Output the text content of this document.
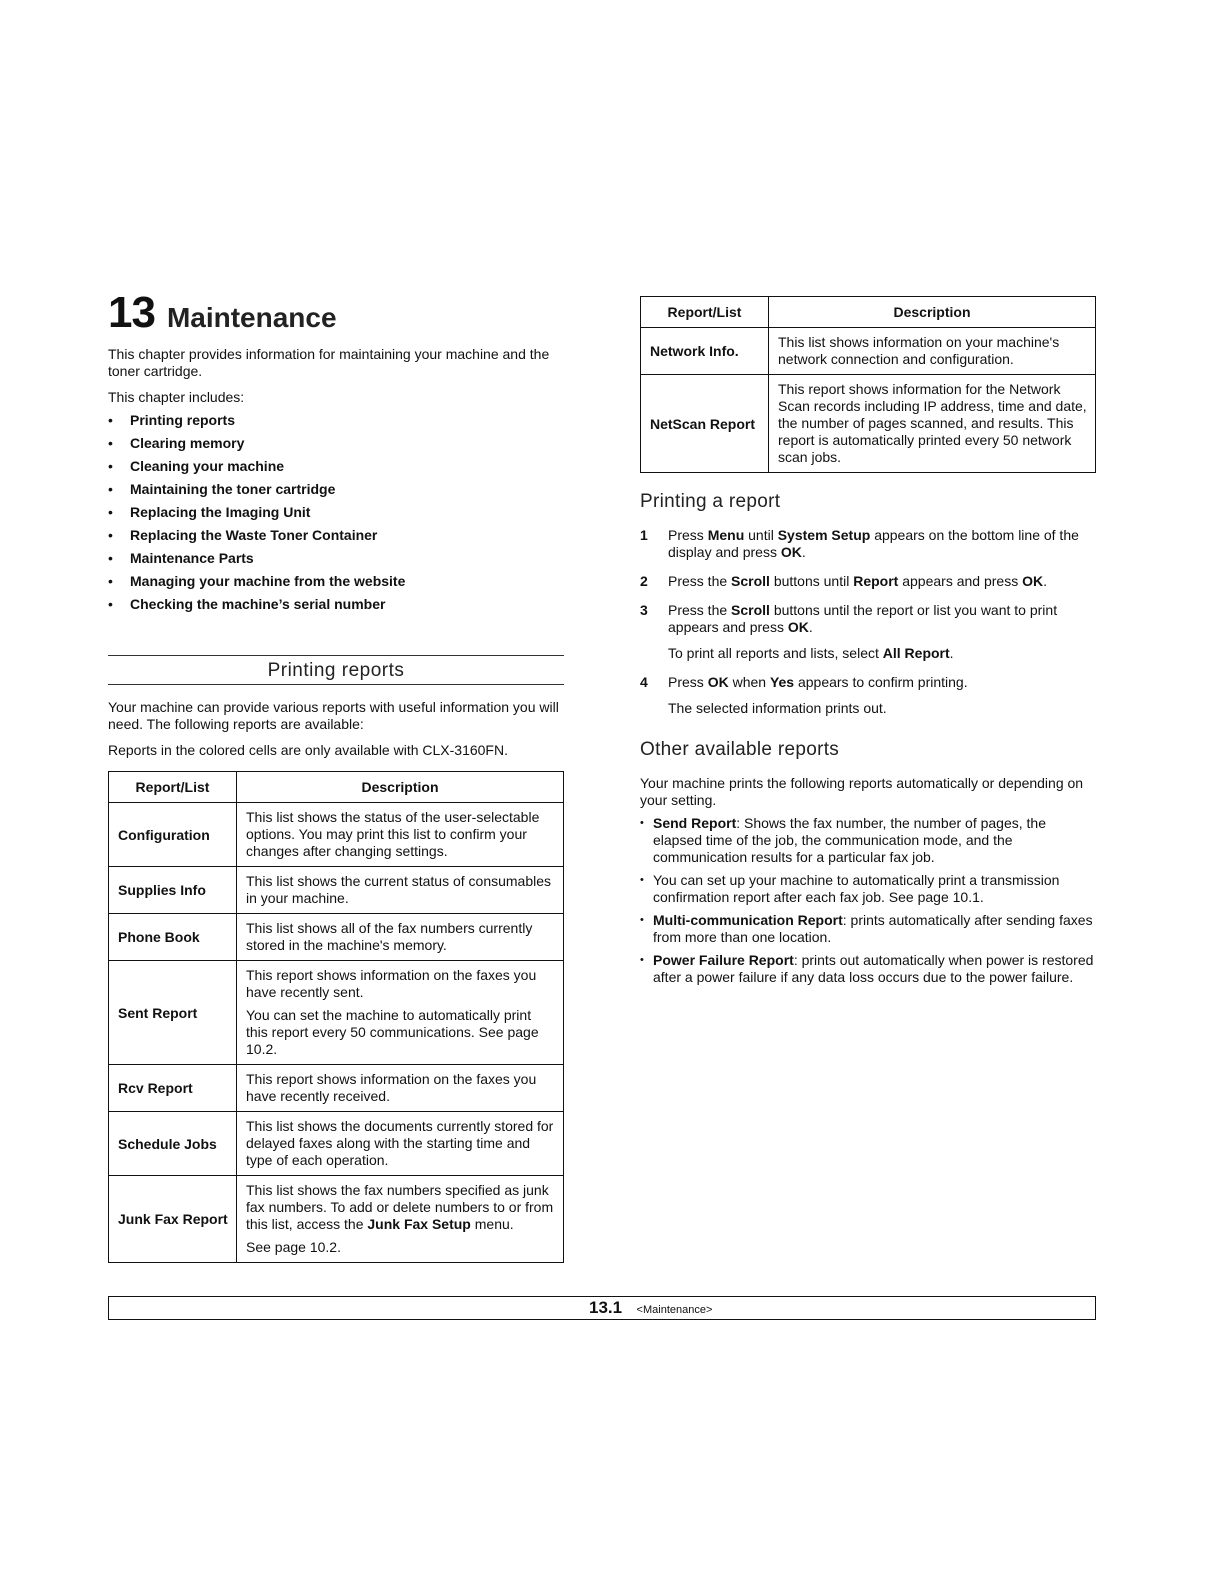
13 Maintenance

This chapter provides information for maintaining your machine and the toner cartridge.

This chapter includes:

• Printing reports
• Clearing memory
• Cleaning your machine
• Maintaining the toner cartridge
• Replacing the Imaging Unit
• Replacing the Waste Toner Container
• Maintenance Parts
• Managing your machine from the website
• Checking the machine’s serial number
Printing reports

Your machine can provide various reports with useful information you will need. The following reports are available:

Reports in the colored cells are only available with CLX-3160FN.

Report/List	Description
Configuration	This list shows the status of the user-selectable options. You may print this list to confirm your changes after changing settings.
Supplies Info	This list shows the current status of consumables in your machine.
Phone Book	This list shows all of the fax numbers currently stored in the machine's memory.
Sent Report	This report shows information on the faxes you have recently sent.
You can set the machine to automatically print this report every 50 communications. See page 10.2.

Rcv Report	This report shows information on the faxes you have recently received.
Schedule Jobs	This list shows the documents currently stored for delayed faxes along with the starting time and type of each operation.
Junk Fax Report	This list shows the fax numbers specified as junk fax numbers. To add or delete numbers to or from this list, access the Junk Fax Setup menu.
See page 10.2.
Report/List	Description
Network Info.	This list shows information on your machine's network connection and configuration.
NetScan Report	This report shows information for the Network Scan records including IP address, time and date, the number of pages scanned, and results. This report is automatically printed every 50 network scan jobs.
Printing a report
1 Press Menu until System Setup appears on the bottom line of the display and press OK.
2 Press the Scroll buttons until Report appears and press OK.
3 Press the Scroll buttons until the report or list you want to print appears and press OK.
To print all reports and lists, select All Report.
4 Press OK when Yes appears to confirm printing.
The selected information prints out.
Other available reports

Your machine prints the following reports automatically or depending on your setting.

• Send Report: Shows the fax number, the number of pages, the elapsed time of the job, the communication mode, and the communication results for a particular fax job.
• You can set up your machine to automatically print a transmission confirmation report after each fax job. See page 10.1.
• Multi-communication Report: prints automatically after sending faxes from more than one location.
• Power Failure Report: prints out automatically when power is restored after a power failure if any data loss occurs due to the power failure.
13.1 <Maintenance>
